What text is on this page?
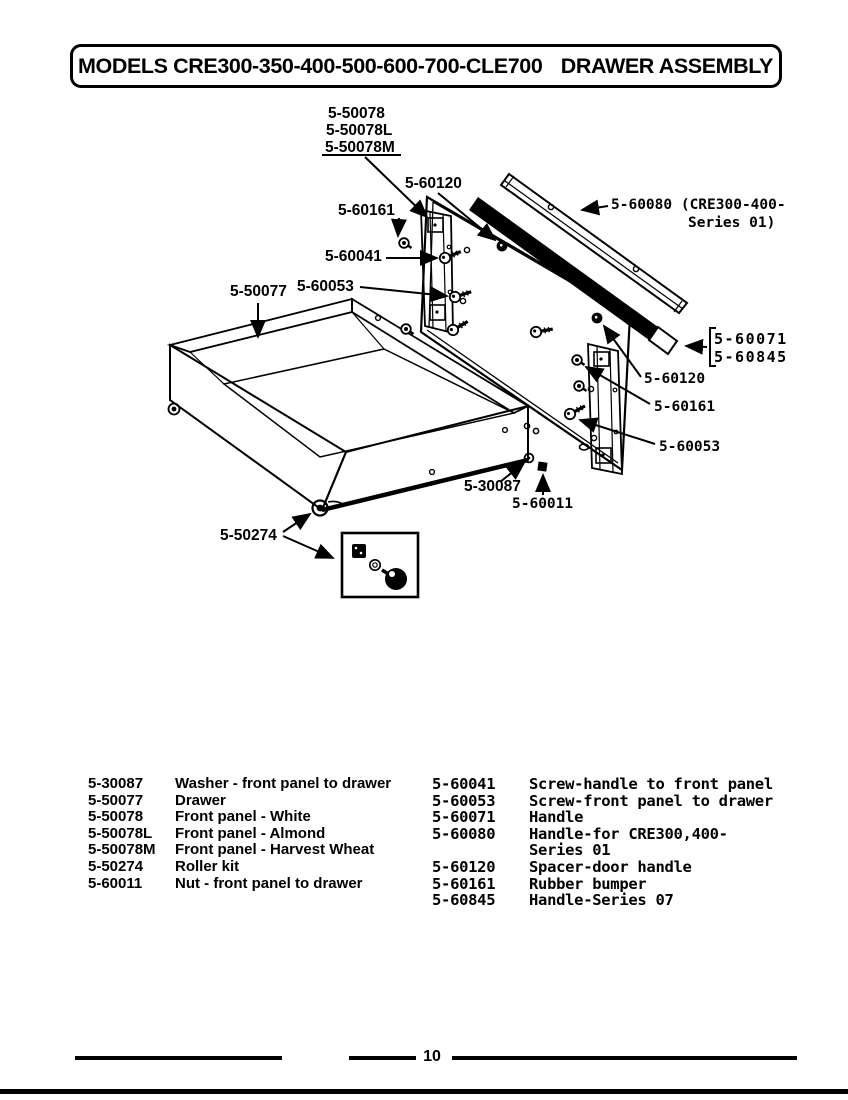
MODELS CRE300-350-400-500-600-700-CLE700 DRAWER ASSEMBLY
5-50078
5-50078L
5-50078M
5-60120
5-60161
5-60041
5-60053
5-50077
5-60080 (CRE300-400-
Series 01)
5-60071
5-60845
5-60120
5-60161
5-60053
5-30087
5-60011
5-50274
5-30087	Washer - front panel to drawer
5-50077	Drawer
5-50078	Front panel - White
5-50078L	Front panel - Almond
5-50078M	Front panel - Harvest Wheat
5-50274	Roller kit
5-60011	Nut - front panel to drawer
5-60041	Screw-handle to front panel
5-60053	Screw-front panel to drawer
5-60071	Handle
5-60080	Handle-for CRE300,400-
Series 01
5-60120	Spacer-door handle
5-60161	Rubber bumper
5-60845	Handle-Series 07
10
